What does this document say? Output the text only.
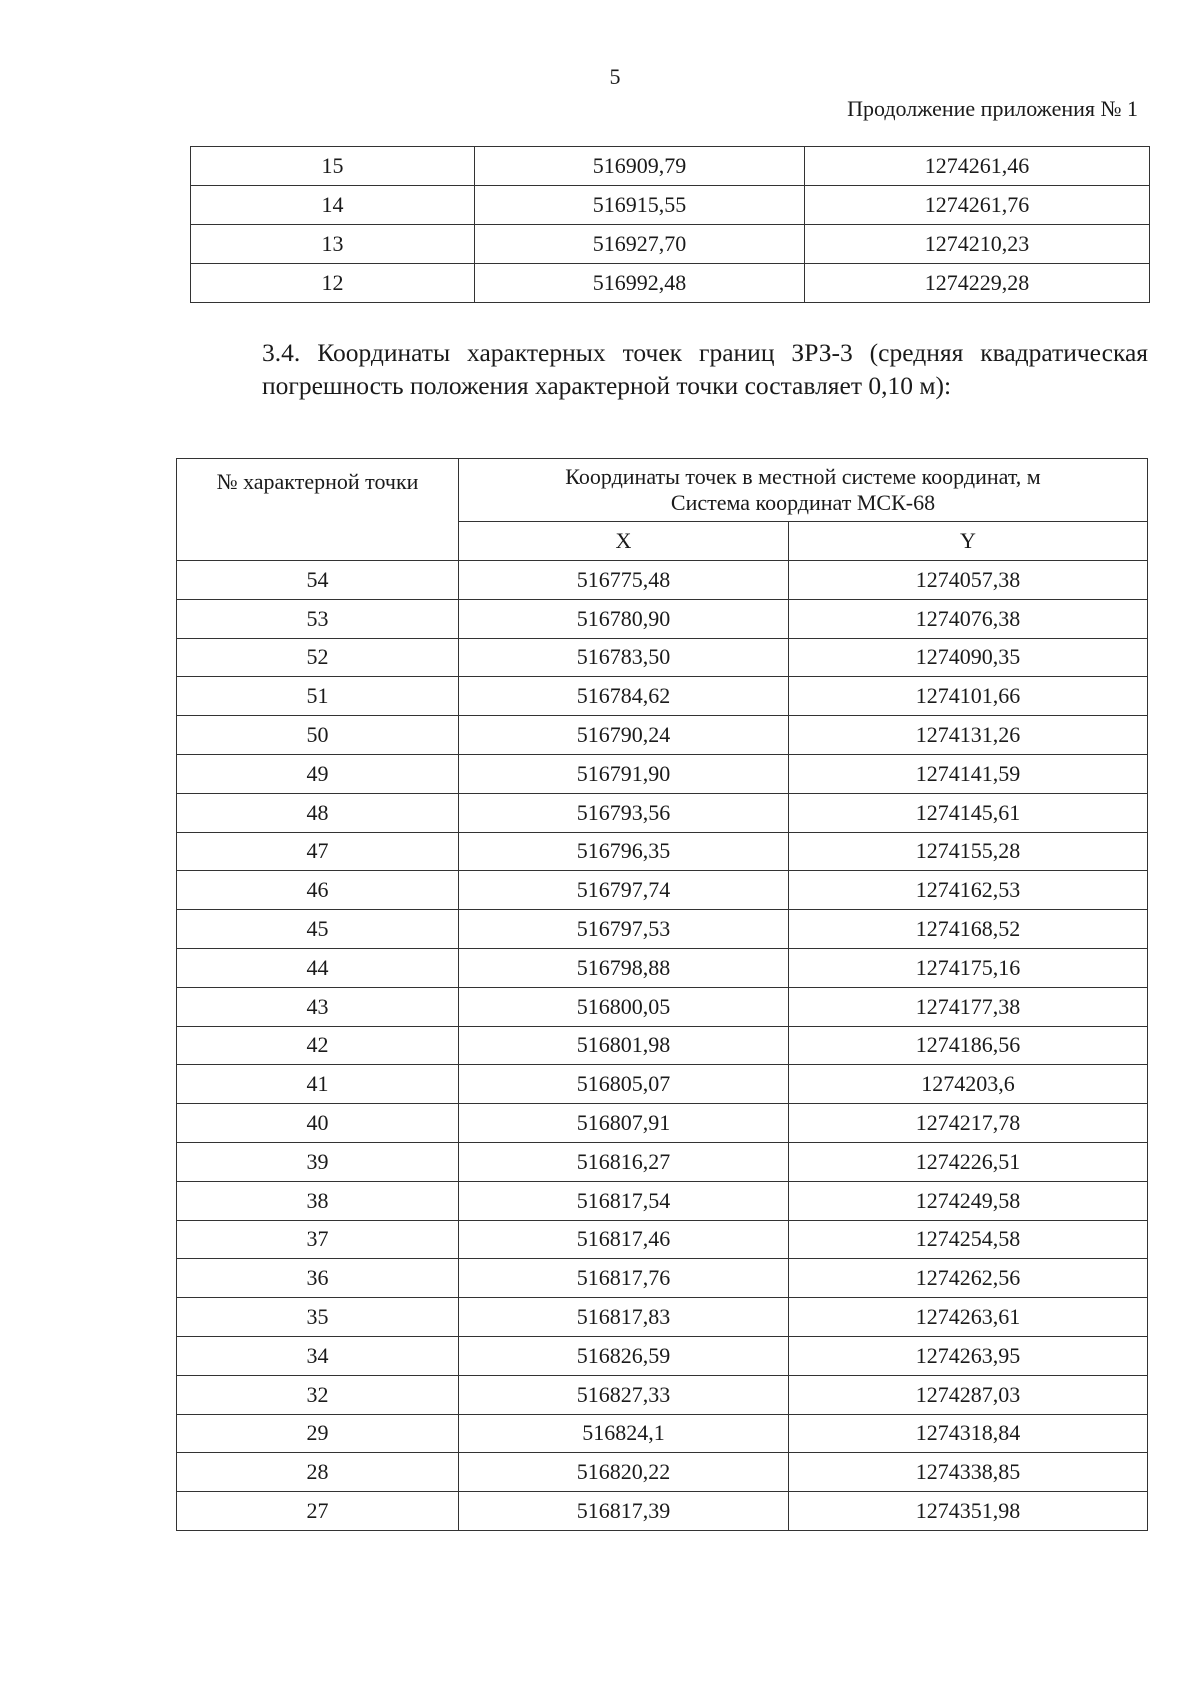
5
Продолжение приложения № 1
15	516909,79	1274261,46
14	516915,55	1274261,76
13	516927,70	1274210,23
12	516992,48	1274229,28
3.4. Координаты характерных точек границ ЗРЗ-3 (средняя квадратическая погрешность положения характерной точки составляет 0,10 м):
№ характерной точки	Координаты точек в местной системе координат, м
Система координат МСК-68	

	X	Y
54	516775,48	1274057,38
53	516780,90	1274076,38
52	516783,50	1274090,35
51	516784,62	1274101,66
50	516790,24	1274131,26
49	516791,90	1274141,59
48	516793,56	1274145,61
47	516796,35	1274155,28
46	516797,74	1274162,53
45	516797,53	1274168,52
44	516798,88	1274175,16
43	516800,05	1274177,38
42	516801,98	1274186,56
41	516805,07	1274203,6
40	516807,91	1274217,78
39	516816,27	1274226,51
38	516817,54	1274249,58
37	516817,46	1274254,58
36	516817,76	1274262,56
35	516817,83	1274263,61
34	516826,59	1274263,95
32	516827,33	1274287,03
29	516824,1	1274318,84
28	516820,22	1274338,85
27	516817,39	1274351,98
